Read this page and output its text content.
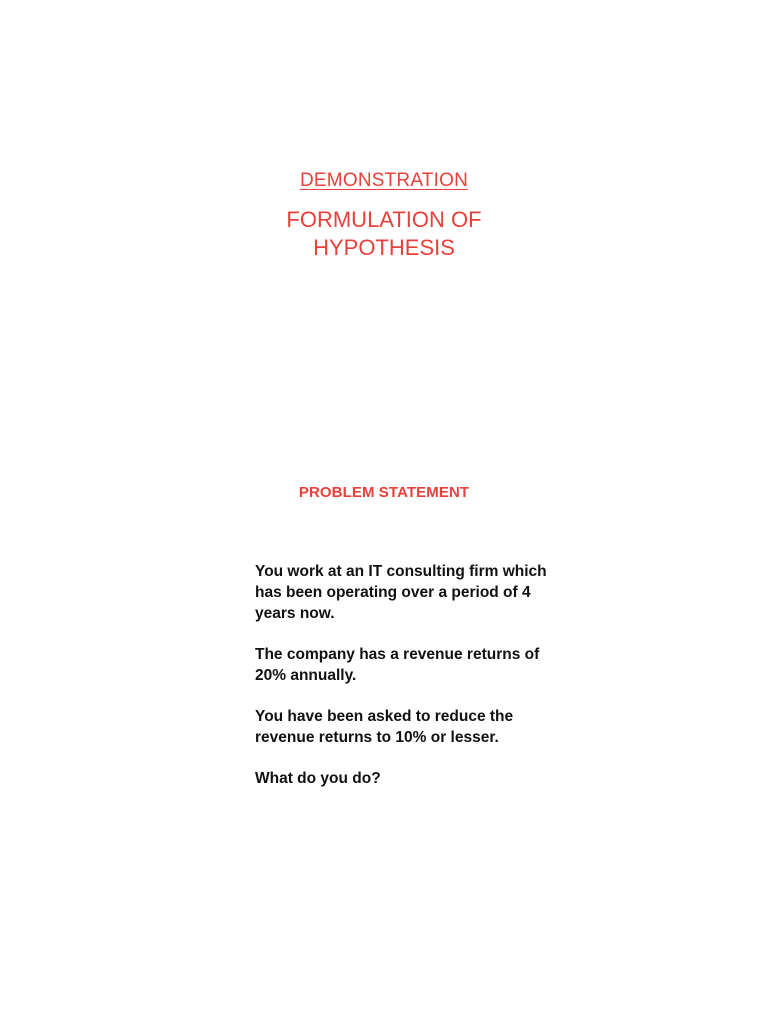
DEMONSTRATION
FORMULATION OF
HYPOTHESIS
PROBLEM STATEMENT

You work at an IT consulting firm which has been operating over a period of 4 years now.

The company has a revenue returns of 20% annually.

You have been asked to reduce the revenue returns to 10% or lesser.

What do you do?
